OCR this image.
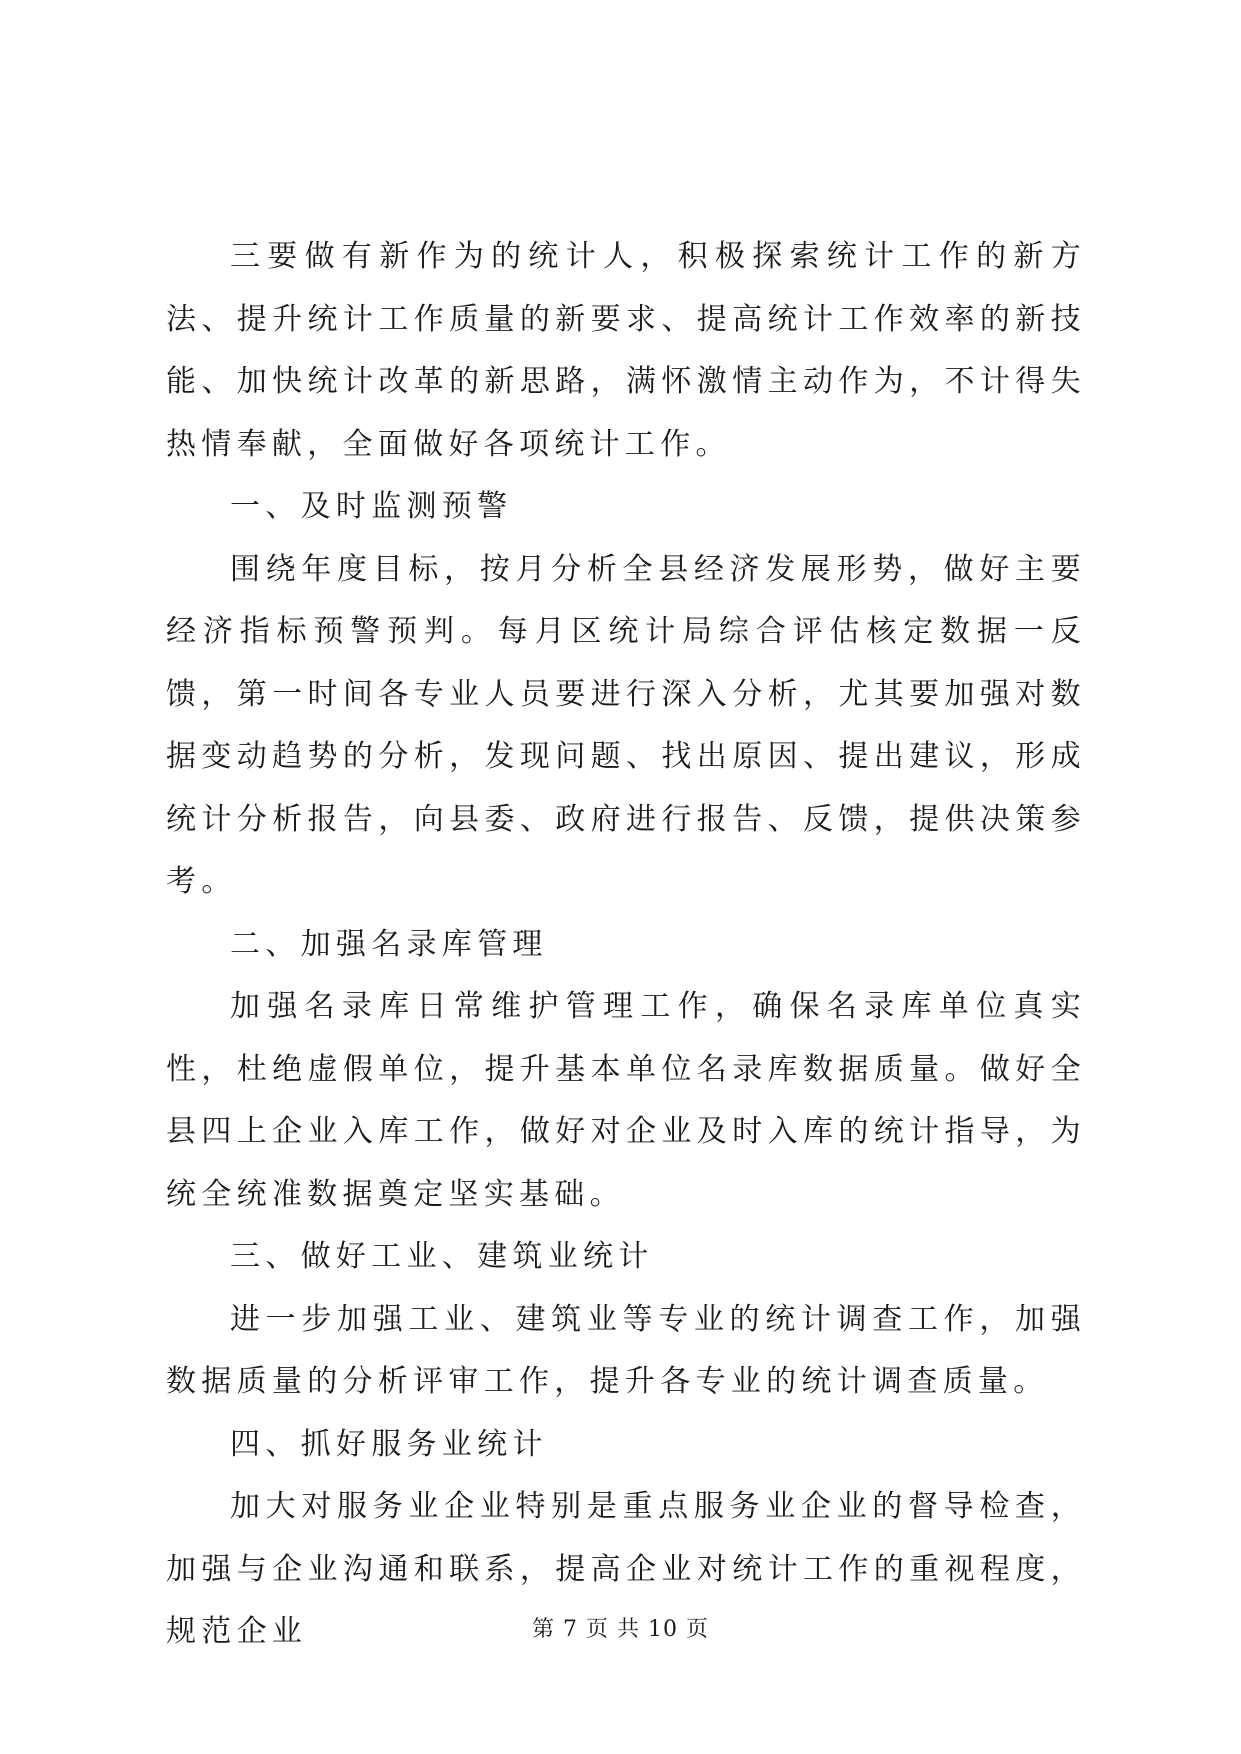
三要做有新作为的统计人，积极探索统计工作的新方法、提升统计工作质量的新要求、提高统计工作效率的新技能、加快统计改革的新思路，满怀激情主动作为，不计得失热情奉献，全面做好各项统计工作。

一、及时监测预警

围绕年度目标，按月分析全县经济发展形势，做好主要经济指标预警预判。每月区统计局综合评估核定数据一反馈，第一时间各专业人员要进行深入分析，尤其要加强对数据变动趋势的分析，发现问题、找出原因、提出建议，形成统计分析报告，向县委、政府进行报告、反馈，提供决策参考。

二、加强名录库管理

加强名录库日常维护管理工作，确保名录库单位真实性，杜绝虚假单位，提升基本单位名录库数据质量。做好全县四上企业入库工作，做好对企业及时入库的统计指导，为统全统准数据奠定坚实基础。

三、做好工业、建筑业统计

进一步加强工业、建筑业等专业的统计调查工作，加强数据质量的分析评审工作，提升各专业的统计调查质量。

四、抓好服务业统计

加大对服务业企业特别是重点服务业企业的督导检查，加强与企业沟通和联系，提高企业对统计工作的重视程度，规范企业	第 7 页 共 10 页
